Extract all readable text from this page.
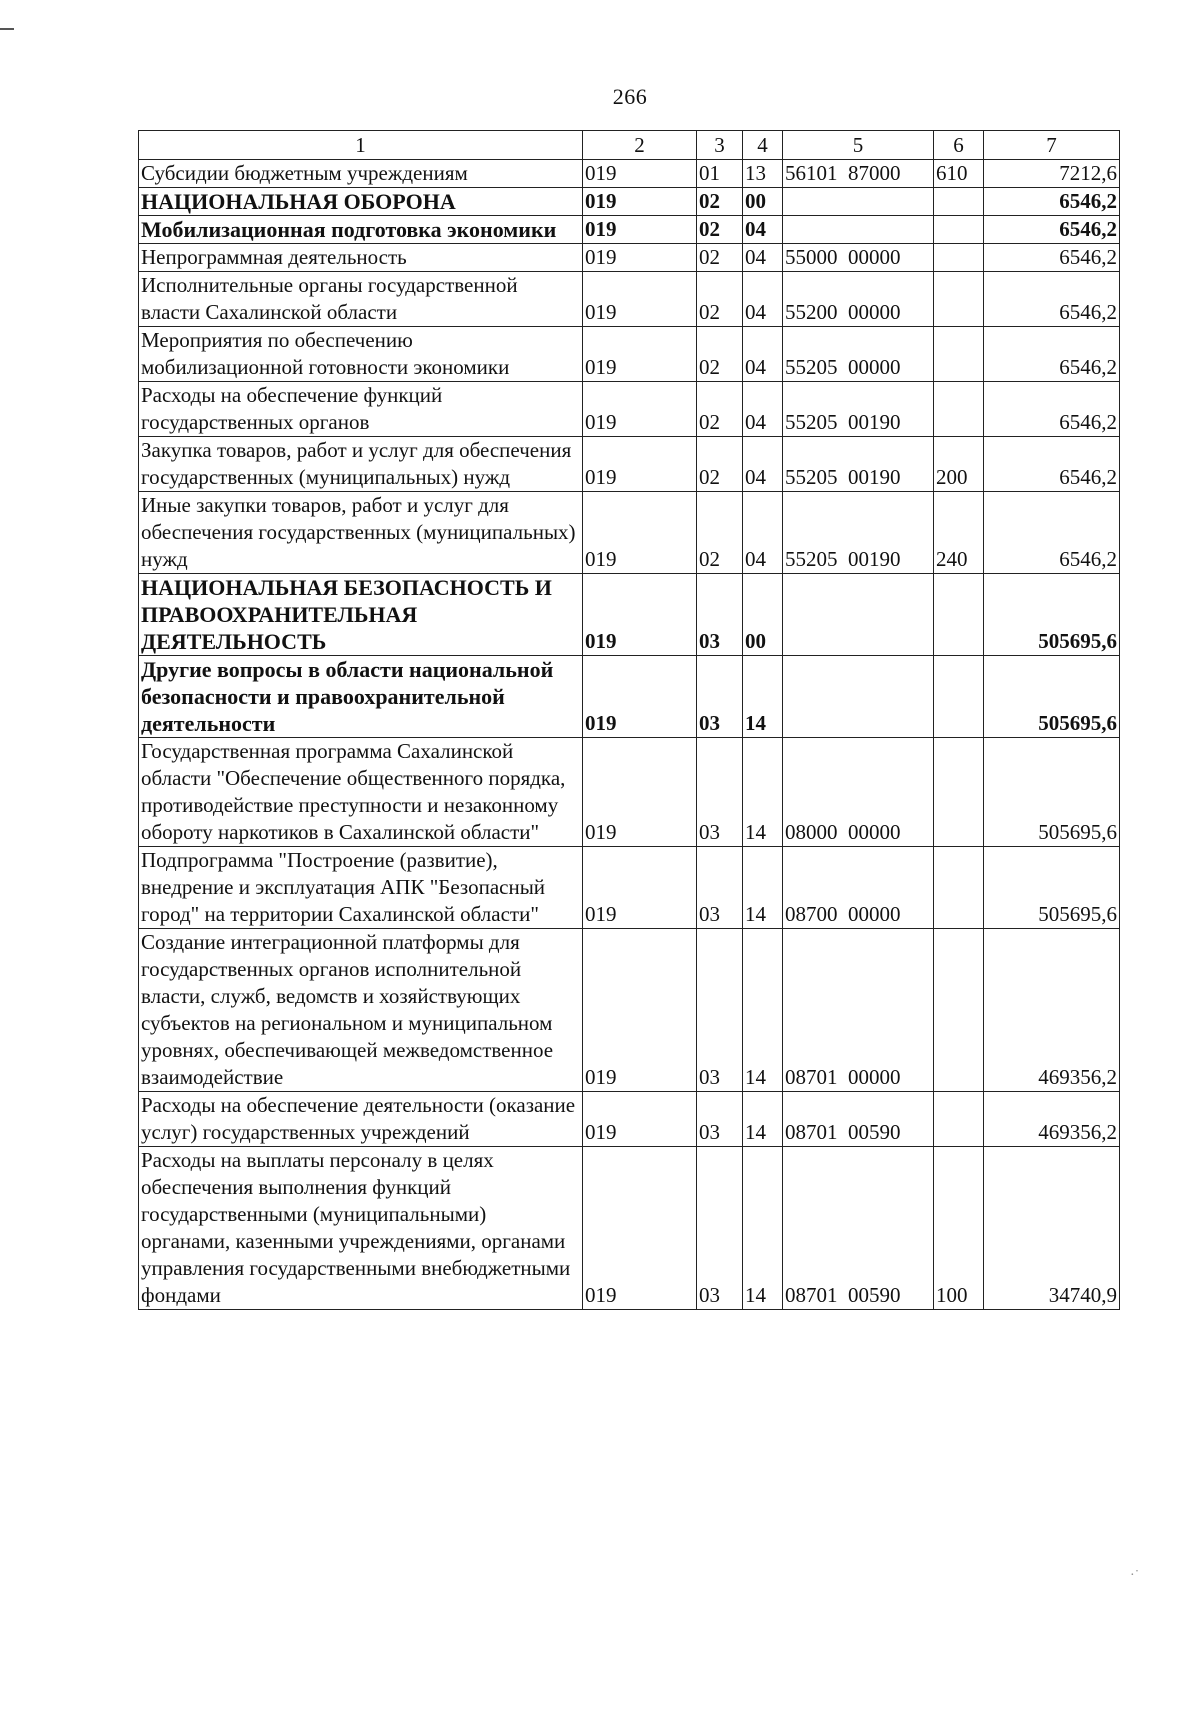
266
1	2	3	4	5	6	7
Субсидии бюджетным учреждениям	019	01	13	56101  87000	610	7212,6
НАЦИОНАЛЬНАЯ ОБОРОНА	019	02	00			6546,2
Мобилизационная подготовка экономики	019	02	04			6546,2
Непрограммная деятельность	019	02	04	55000  00000		6546,2
Исполнительные органы государственной власти Сахалинской области	019	02	04	55200  00000		6546,2
Мероприятия по обеспечению мобилизационной готовности экономики	019	02	04	55205  00000		6546,2
Расходы на обеспечение функций государственных органов	019	02	04	55205  00190		6546,2
Закупка товаров, работ и услуг для обеспечения государственных (муниципальных) нужд	019	02	04	55205  00190	200	6546,2
Иные закупки товаров, работ и услуг для обеспечения государственных (муниципальных) нужд	019	02	04	55205  00190	240	6546,2
НАЦИОНАЛЬНАЯ БЕЗОПАСНОСТЬ И ПРАВООХРАНИТЕЛЬНАЯ ДЕЯТЕЛЬНОСТЬ	019	03	00			505695,6
Другие вопросы в области национальной безопасности и правоохранительной деятельности	019	03	14			505695,6
Государственная программа Сахалинской области "Обеспечение общественного порядка, противодействие преступности и незаконному обороту наркотиков в Сахалинской области"	019	03	14	08000  00000		505695,6
Подпрограмма "Построение (развитие), внедрение и эксплуатация АПК "Безопасный город" на территории Сахалинской области"	019	03	14	08700  00000		505695,6
Создание интеграционной платформы для государственных органов исполнительной власти, служб, ведомств и хозяйствующих субъектов на региональном и муниципальном уровнях, обеспечивающей межведомственное взаимодействие	019	03	14	08701  00000		469356,2
Расходы на обеспечение деятельности (оказание услуг) государственных учреждений	019	03	14	08701  00590		469356,2
Расходы на выплаты персоналу в целях обеспечения выполнения функций государственными (муниципальными) органами, казенными учреждениями, органами управления государственными внебюджетными фондами	019	03	14	08701  00590	100	34740,9
·˙
